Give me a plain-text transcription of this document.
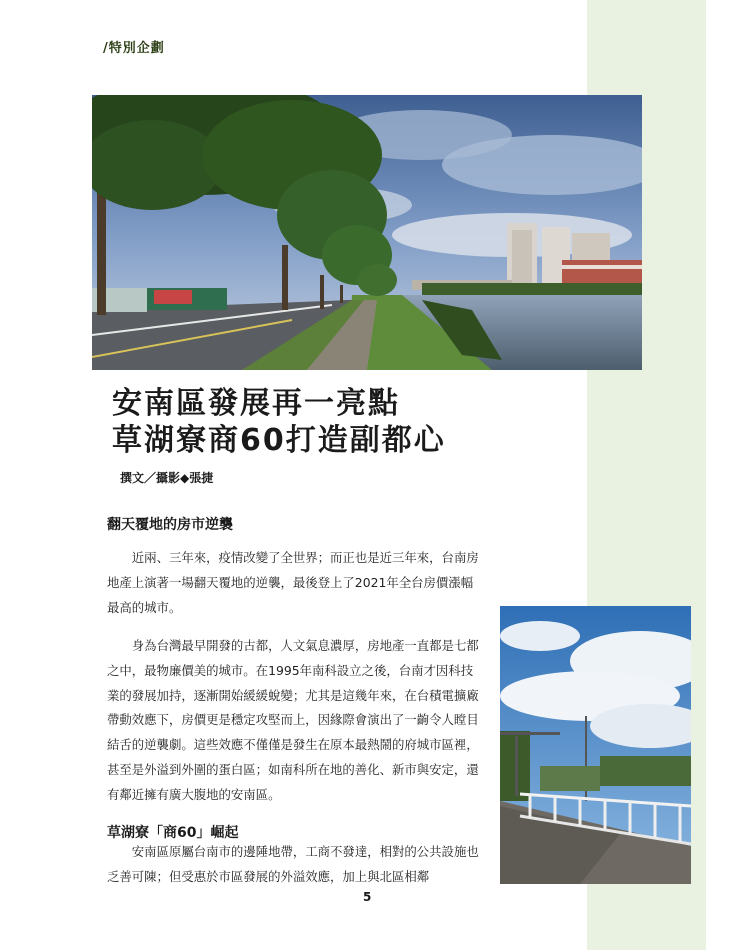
/特別企劃
安南區發展再一亮點
草湖寮商60打造副都心
撰文／攝影◆張捷
翻天覆地的房市逆襲

近兩、三年來，疫情改變了全世界；而正也是近三年來，台南房地產上演著一場翻天覆地的逆襲，最後登上了2021年全台房價漲幅最高的城市。

身為台灣最早開發的古都，人文氣息濃厚，房地產一直都是七都之中，最物廉價美的城市。在1995年南科設立之後，台南才因科技業的發展加持，逐漸開始緩緩蛻變；尤其是這幾年來，在台積電擴廠帶動效應下，房價更是穩定攻堅而上，因緣際會演出了一齣令人瞠目結舌的逆襲劇。這些效應不僅僅是發生在原本最熱鬧的府城市區裡，甚至是外溢到外圍的蛋白區；如南科所在地的善化、新市與安定，還有鄰近擁有廣大腹地的安南區。

草湖寮「商60」崛起

安南區原屬台南市的邊陲地帶，工商不發達，相對的公共設施也乏善可陳；但受惠於市區發展的外溢效應，加上與北區相鄰

5
